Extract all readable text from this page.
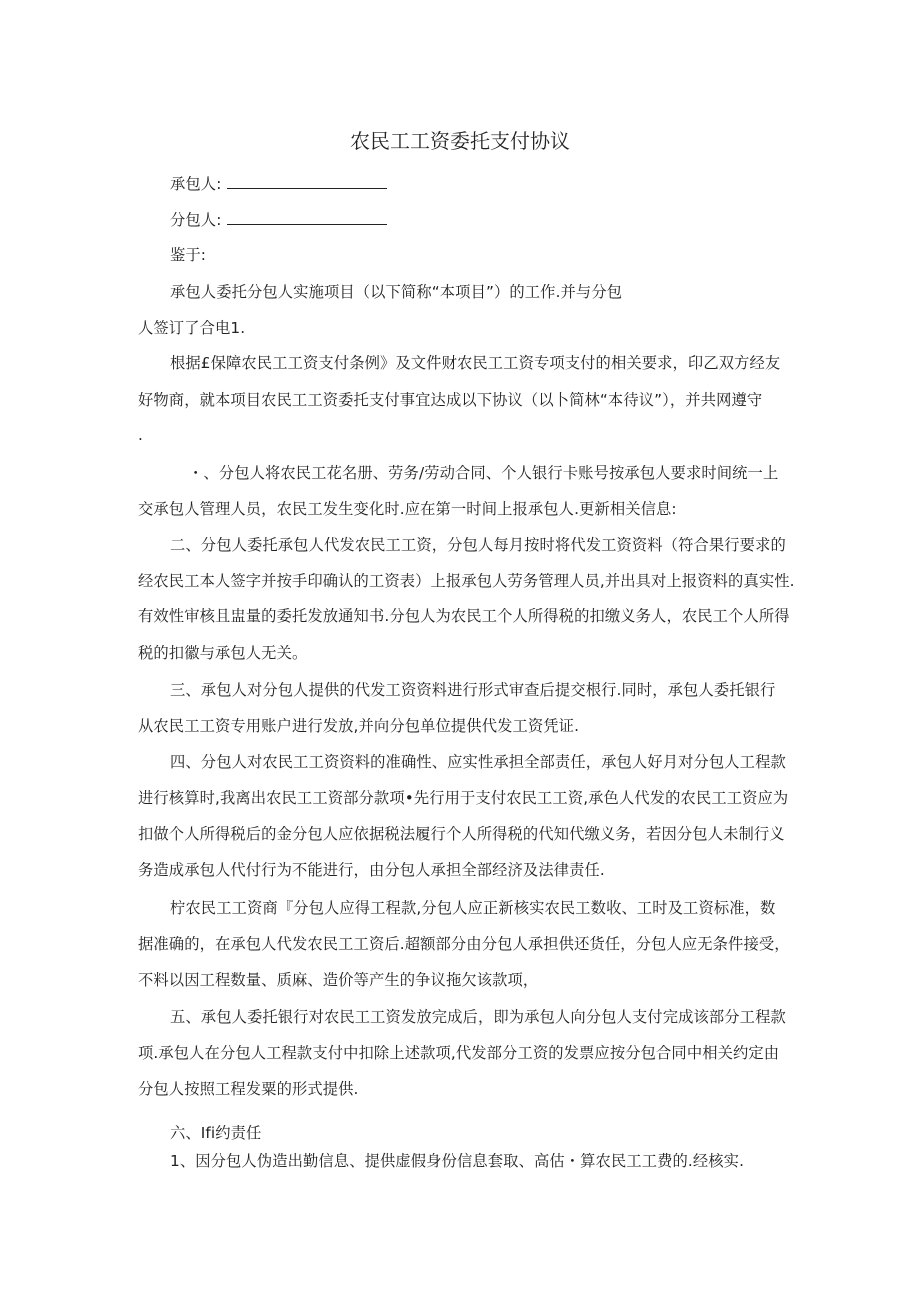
农民工工资委托支付协议
承包人:
分包人:
鉴于:
承包人委托分包人实施项目（以下简称“本项目”）的工作.并与分包
人签订了合电1.
根据£保障农民工工资支付条例》及文件财农民工工资专项支付的相关要求，印乙双方经友
好物商，就本项目农民工工资委托支付事宜达成以下协议（以卜简林“本待议”），并共网遵守
.
・、分包人将农民工花名册、劳务/劳动合同、个人银行卡账号按承包人要求时间统一上
交承包人管理人员，农民工发生变化时.应在第一时间上报承包人.更新相关信息:
二、分包人委托承包人代发农民工工资，分包人每月按时将代发工资资料（符合果行要求的
经农民工本人签字并按手印确认的工资表）上报承包人劳务管理人员,并出具对上报资料的真实性.
有效性审核且盅量的委托发放通知书.分包人为农民工个人所得税的扣缴义务人，农民工个人所得
税的扣徽与承包人无关。
三、承包人对分包人提供的代发工资资料进行形式审查后提交根行.同时，承包人委托银行
从农民工工资专用账户进行发放,并向分包单位提供代发工资凭证.
四、分包人对农民工工资资料的准确性、应实性承担全部责任，承包人好月对分包人工程款
进行核算时,我离出农民工工资部分款项•先行用于支付农民工工资,承色人代发的农民工工资应为
扣做个人所得税后的金分包人应依据税法履行个人所得税的代知代缴义务，若因分包人未制行义
务造成承包人代付行为不能进行，由分包人承担全部经济及法律责任.
柠农民工工资商『分包人应得工程款,分包人应正新核实农民工数收、工时及工资标准，数
据准确的，在承包人代发农民工工资后.超额部分由分包人承担供还货任，分包人应无条件接受，
不料以因工程数量、质麻、造价等产生的争议拖欠该款项，
五、承包人委托银行对农民工工资发放完成后，即为承包人向分包人支付完成该部分工程款
项.承包人在分包人工程款支付中扣除上述款项,代发部分工资的发票应按分包合同中相关约定由
分包人按照工程发粟的形式提供.
六、Ifi约责任
1、因分包人伪造出勤信息、提供虚假身份信息套取、高估・算农民工工费的.经核实.
